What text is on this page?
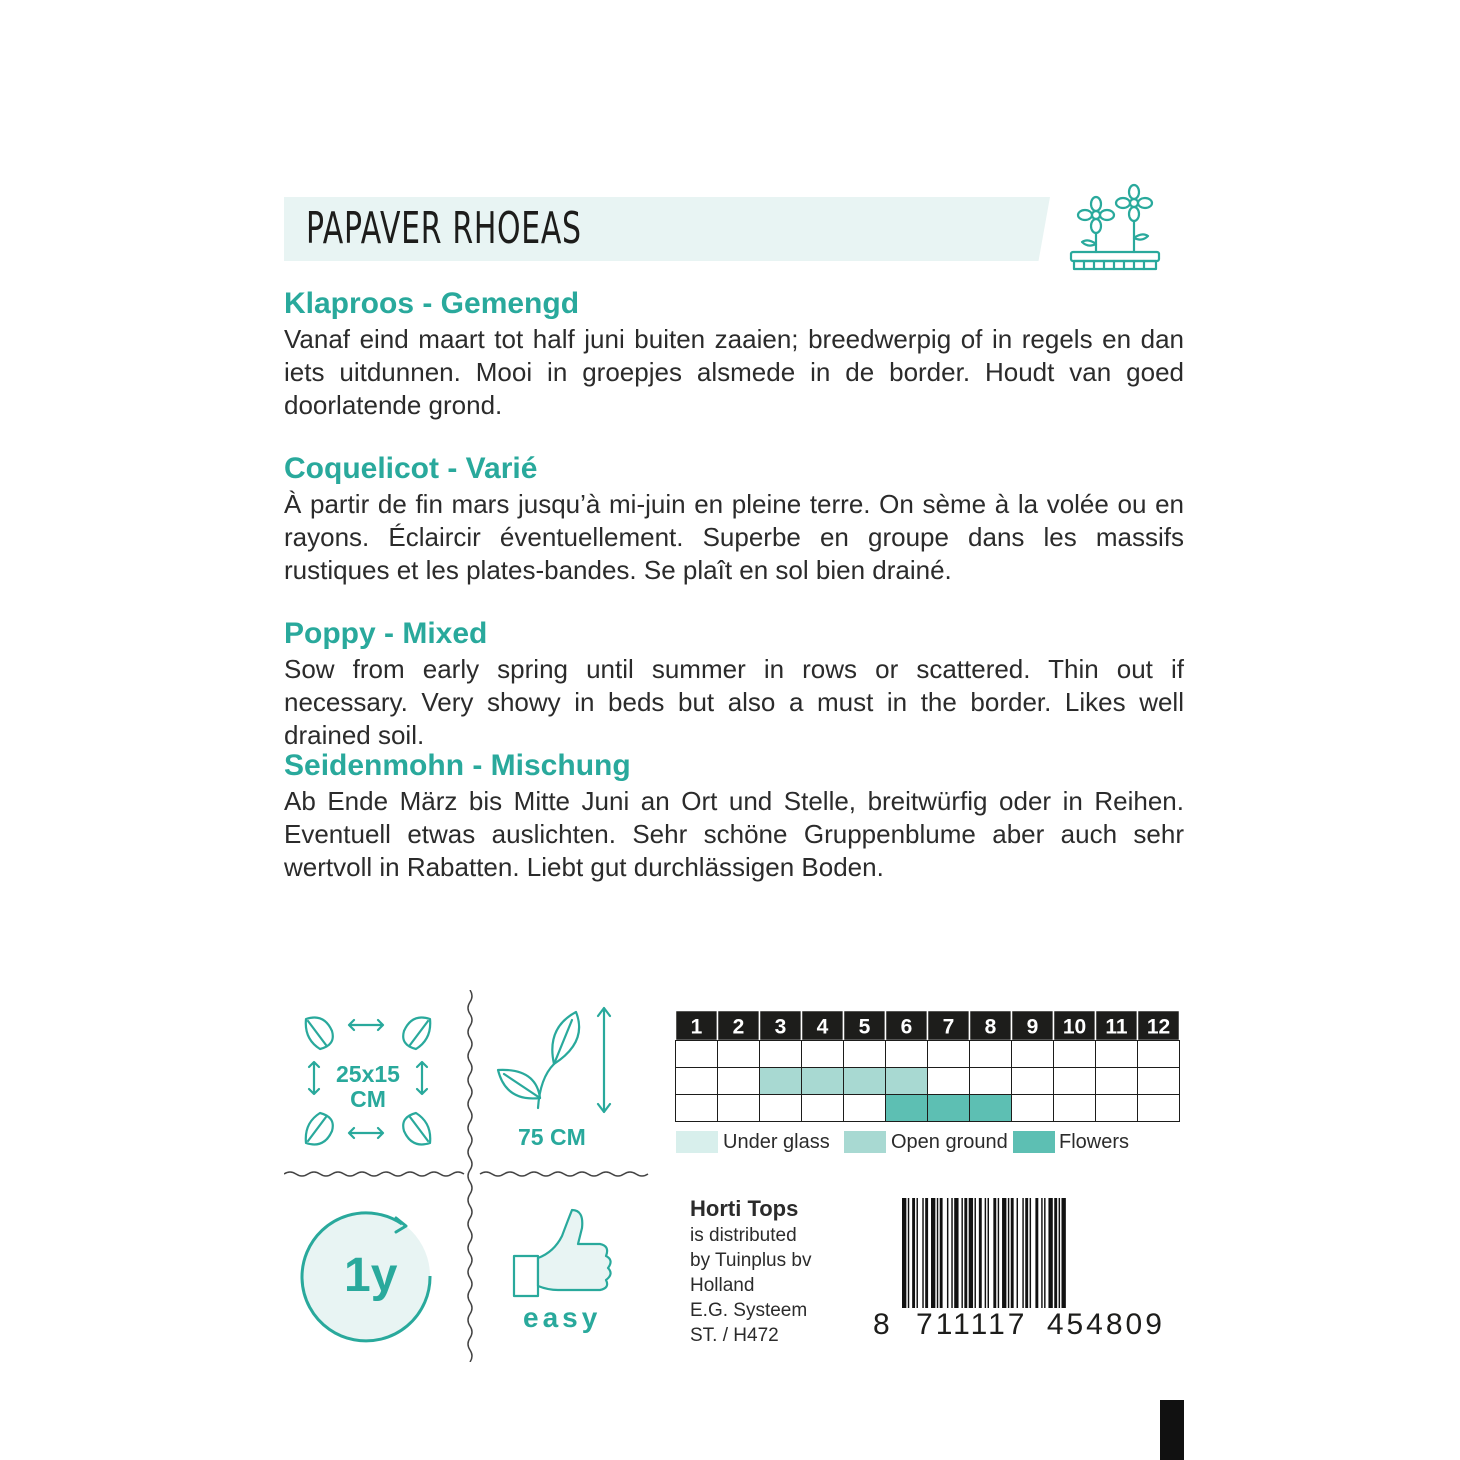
PAPAVER RHOEAS
Klaproos - Gemengd
Vanaf eind maart tot half juni buiten zaaien; breedwerpig of in regels en dan iets uitdunnen. Mooi in groepjes alsmede in de border. Houdt van goed doorlatende grond.
Coquelicot - Varié
À partir de fin mars jusqu’à mi-juin en pleine terre. On sème à la volée ou en rayons. Éclaircir éventuellement. Superbe en groupe dans les massifs rustiques et les plates-bandes. Se plaît en sol bien drainé.
Poppy - Mixed
Sow from early spring until summer in rows or scattered. Thin out if necessary. Very showy in beds but also a must in the border. Likes well drained soil.
Seidenmohn - Mischung
Ab Ende März bis Mitte Juni an Ort und Stelle, breitwürfig oder in Reihen. Eventuell etwas auslichten. Sehr schöne Gruppenblume aber auch sehr wertvoll in Rabatten. Liebt gut durchlässigen Boden.
25x15
CM
75 CM
1y
easy
1 2 3 4 5 6 7 8 9 10 11 12
Under glass	Open ground	Flowers
Horti Tops
is distributed
by Tuinplus bv
Holland
E.G. Systeem
ST. / H472	8 711117 454809
